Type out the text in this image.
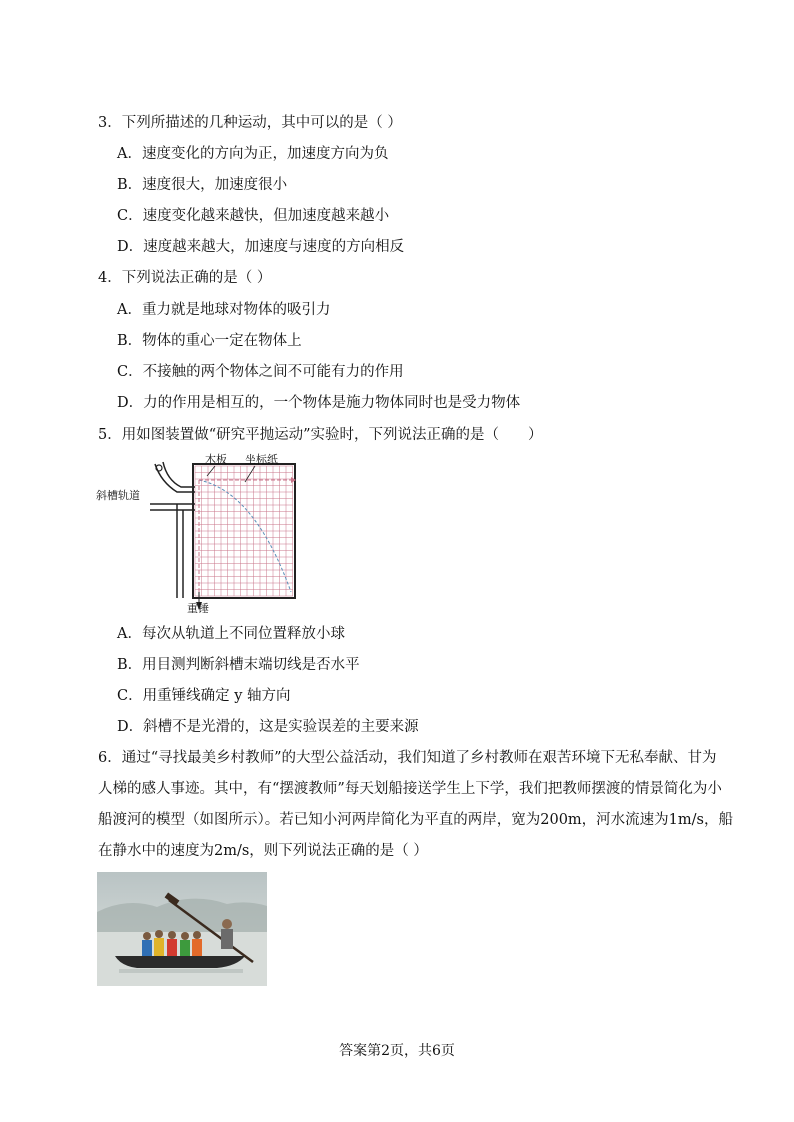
3．下列所描述的几种运动，其中可以的是（ ）
A．速度变化的方向为正，加速度方向为负
B．速度很大，加速度很小
C．速度变化越来越快，但加速度越来越小
D．速度越来越大，加速度与速度的方向相反
4．下列说法正确的是（ ）
A．重力就是地球对物体的吸引力
B．物体的重心一定在物体上
C．不接触的两个物体之间不可能有力的作用
D．力的作用是相互的，一个物体是施力物体同时也是受力物体
5．用如图装置做“研究平抛运动”实验时，下列说法正确的是（　　）
木板 坐标纸
斜槽轨道
重锤
A．每次从轨道上不同位置释放小球
B．用目测判断斜槽末端切线是否水平
C．用重锤线确定 y 轴方向
D．斜槽不是光滑的，这是实验误差的主要来源
6．通过“寻找最美乡村教师”的大型公益活动，我们知道了乡村教师在艰苦环境下无私奉献、甘为
人梯的感人事迹。其中，有“摆渡教师”每天划船接送学生上下学，我们把教师摆渡的情景简化为小
船渡河的模型（如图所示）。若已知小河两岸简化为平直的两岸，宽为200m，河水流速为1m/s，船
在静水中的速度为2m/s，则下列说法正确的是（ ）
答案第2页，共6页
